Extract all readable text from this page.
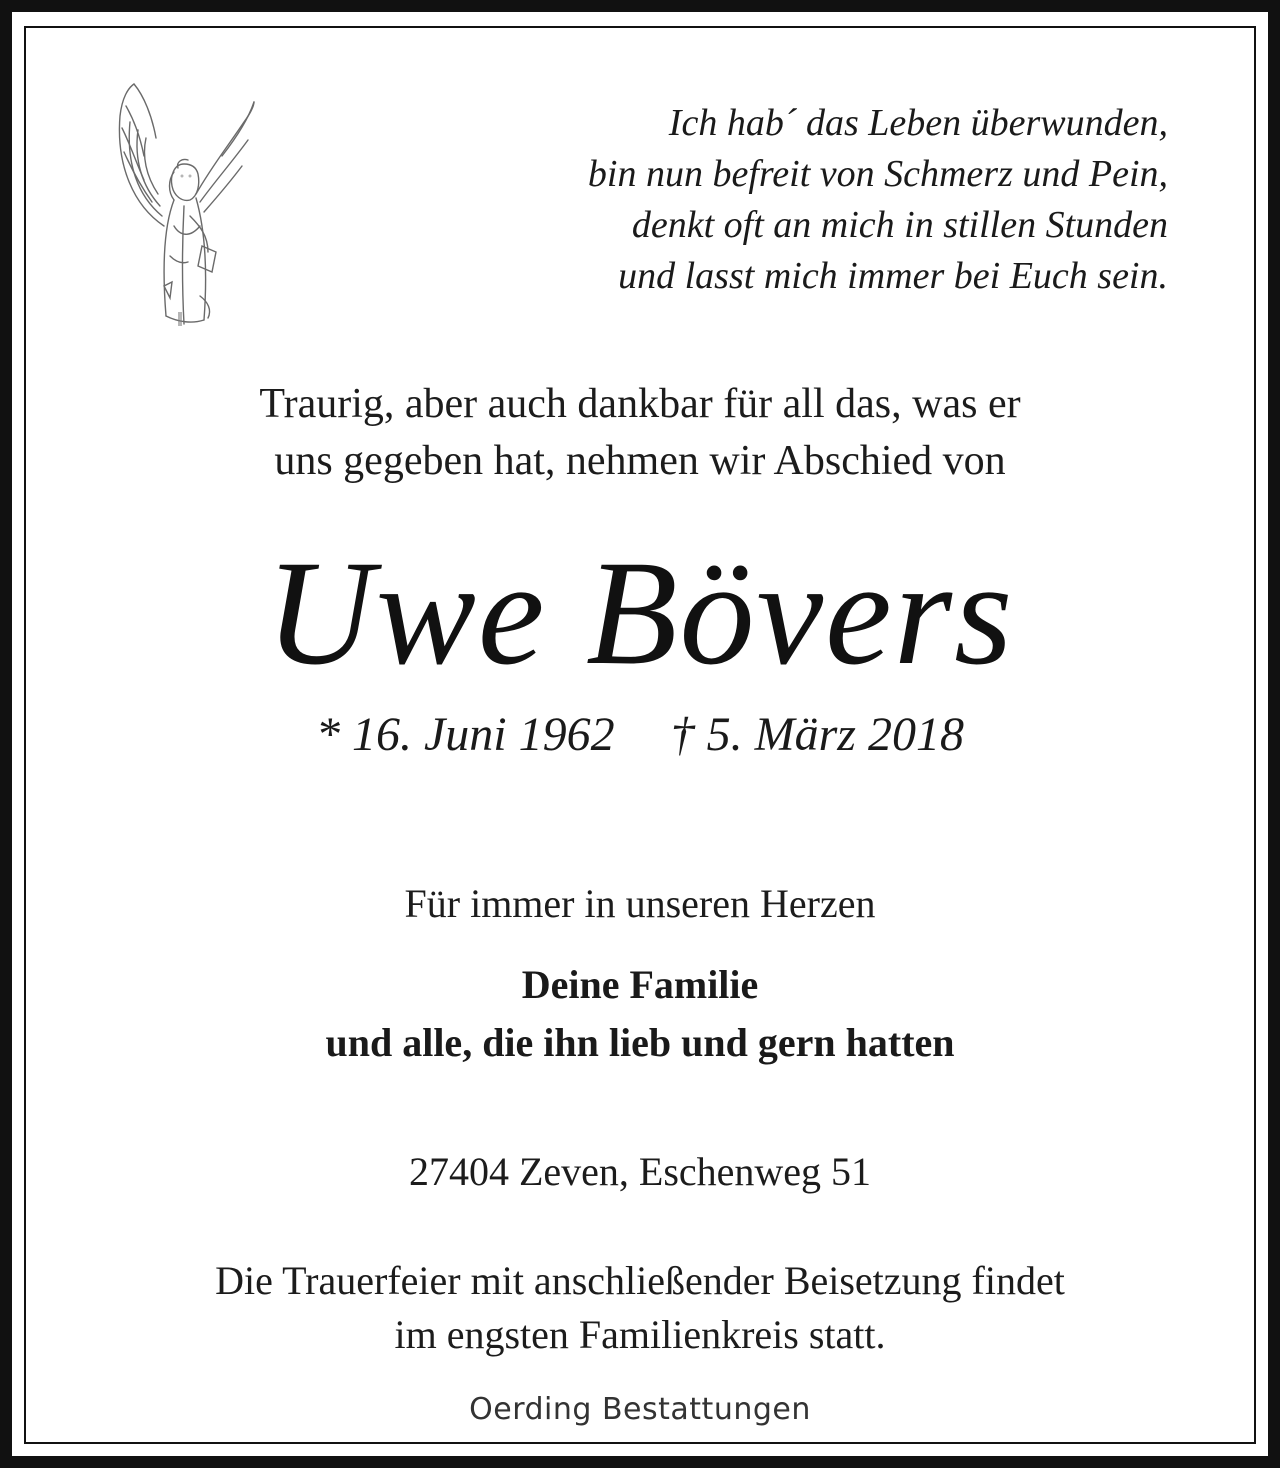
Ich hab´ das Leben überwunden,
bin nun befreit von Schmerz und Pein,
denkt oft an mich in stillen Stunden
und lasst mich immer bei Euch sein.
Traurig, aber auch dankbar für all das, was er
uns gegeben hat, nehmen wir Abschied von
Uwe Bövers
* 16. Juni 1962 † 5. März 2018
Für immer in unseren Herzen
Deine Familie
und alle, die ihn lieb und gern hatten
27404 Zeven, Eschenweg 51
Die Trauerfeier mit anschließender Beisetzung findet
im engsten Familienkreis statt.
Oerding Bestattungen
